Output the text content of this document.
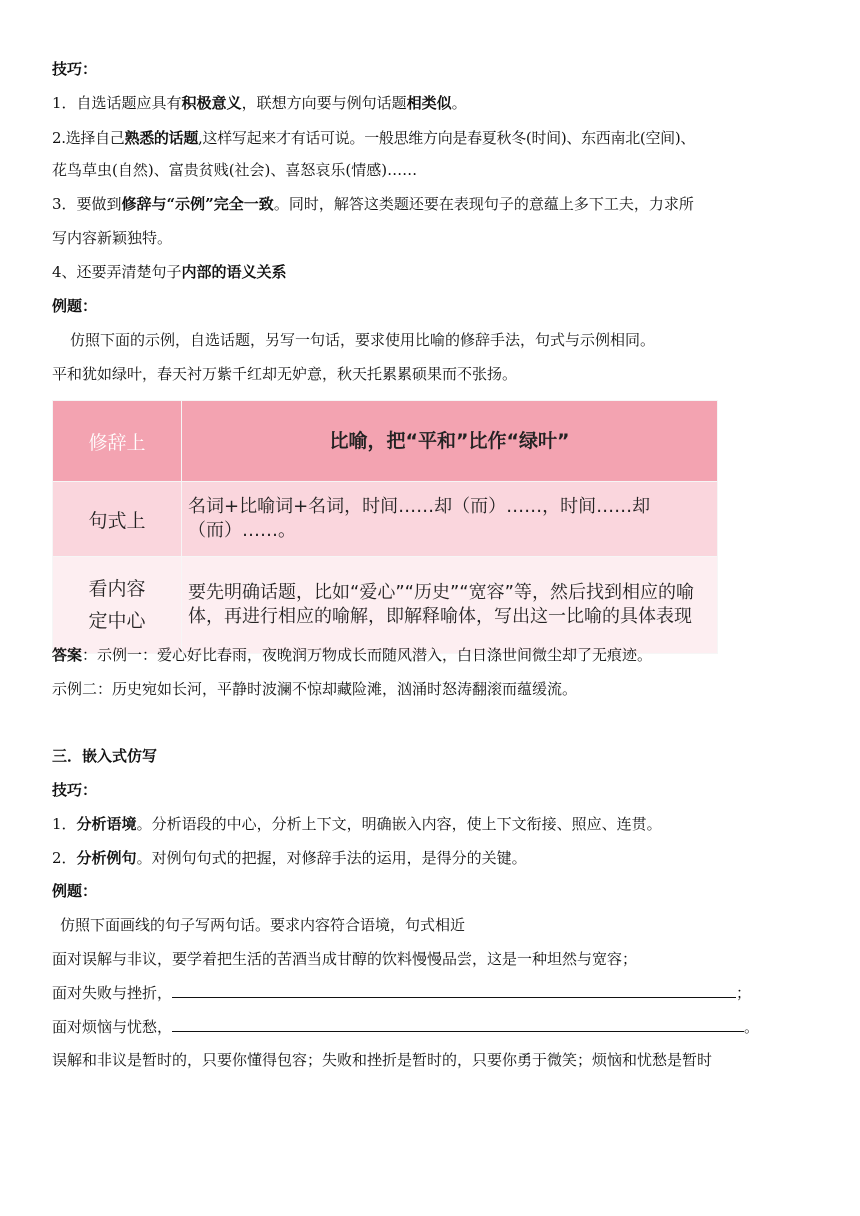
技巧：
1．自选话题应具有积极意义，联想方向要与例句话题相类似。
2.选择自己熟悉的话题,这样写起来才有话可说。一般思维方向是春夏秋冬(时间)、东西南北(空间)、
花鸟草虫(自然)、富贵贫贱(社会)、喜怒哀乐(情感)……
3．要做到修辞与“示例”完全一致。同时，解答这类题还要在表现句子的意蕴上多下工夫，力求所
写内容新颖独特。
4、还要弄清楚句子内部的语义关系
例题：
仿照下面的示例，自选话题，另写一句话，要求使用比喻的修辞手法，句式与示例相同。
平和犹如绿叶，春天衬万紫千红却无妒意，秋天托累累硕果而不张扬。
修辞上	比喻，把“平和”比作“绿叶”
句式上	名词+比喻词+名词，时间……却（而）……，时间……却（而）……。
看内容
定中心	要先明确话题，比如“爱心”“历史”“宽容”等，然后找到相应的喻体，再进行相应的喻解，即解释喻体，写出这一比喻的具体表现
答案：示例一：爱心好比春雨，夜晚润万物成长而随风潜入，白日涤世间微尘却了无痕迹。
示例二：历史宛如长河，平静时波澜不惊却藏险滩，汹涌时怒涛翻滚而蕴缓流。
三．嵌入式仿写
技巧：
1．分析语境。分析语段的中心，分析上下文，明确嵌入内容，使上下文衔接、照应、连贯。
2．分析例句。对例句句式的把握，对修辞手法的运用，是得分的关键。
例题：
仿照下面画线的句子写两句话。要求内容符合语境，句式相近
面对误解与非议，要学着把生活的苦酒当成甘醇的饮料慢慢品尝，这是一种坦然与宽容；
面对失败与挫折，	；
面对烦恼与忧愁，	。
误解和非议是暂时的，只要你懂得包容；失败和挫折是暂时的，只要你勇于微笑；烦恼和忧愁是暂时
